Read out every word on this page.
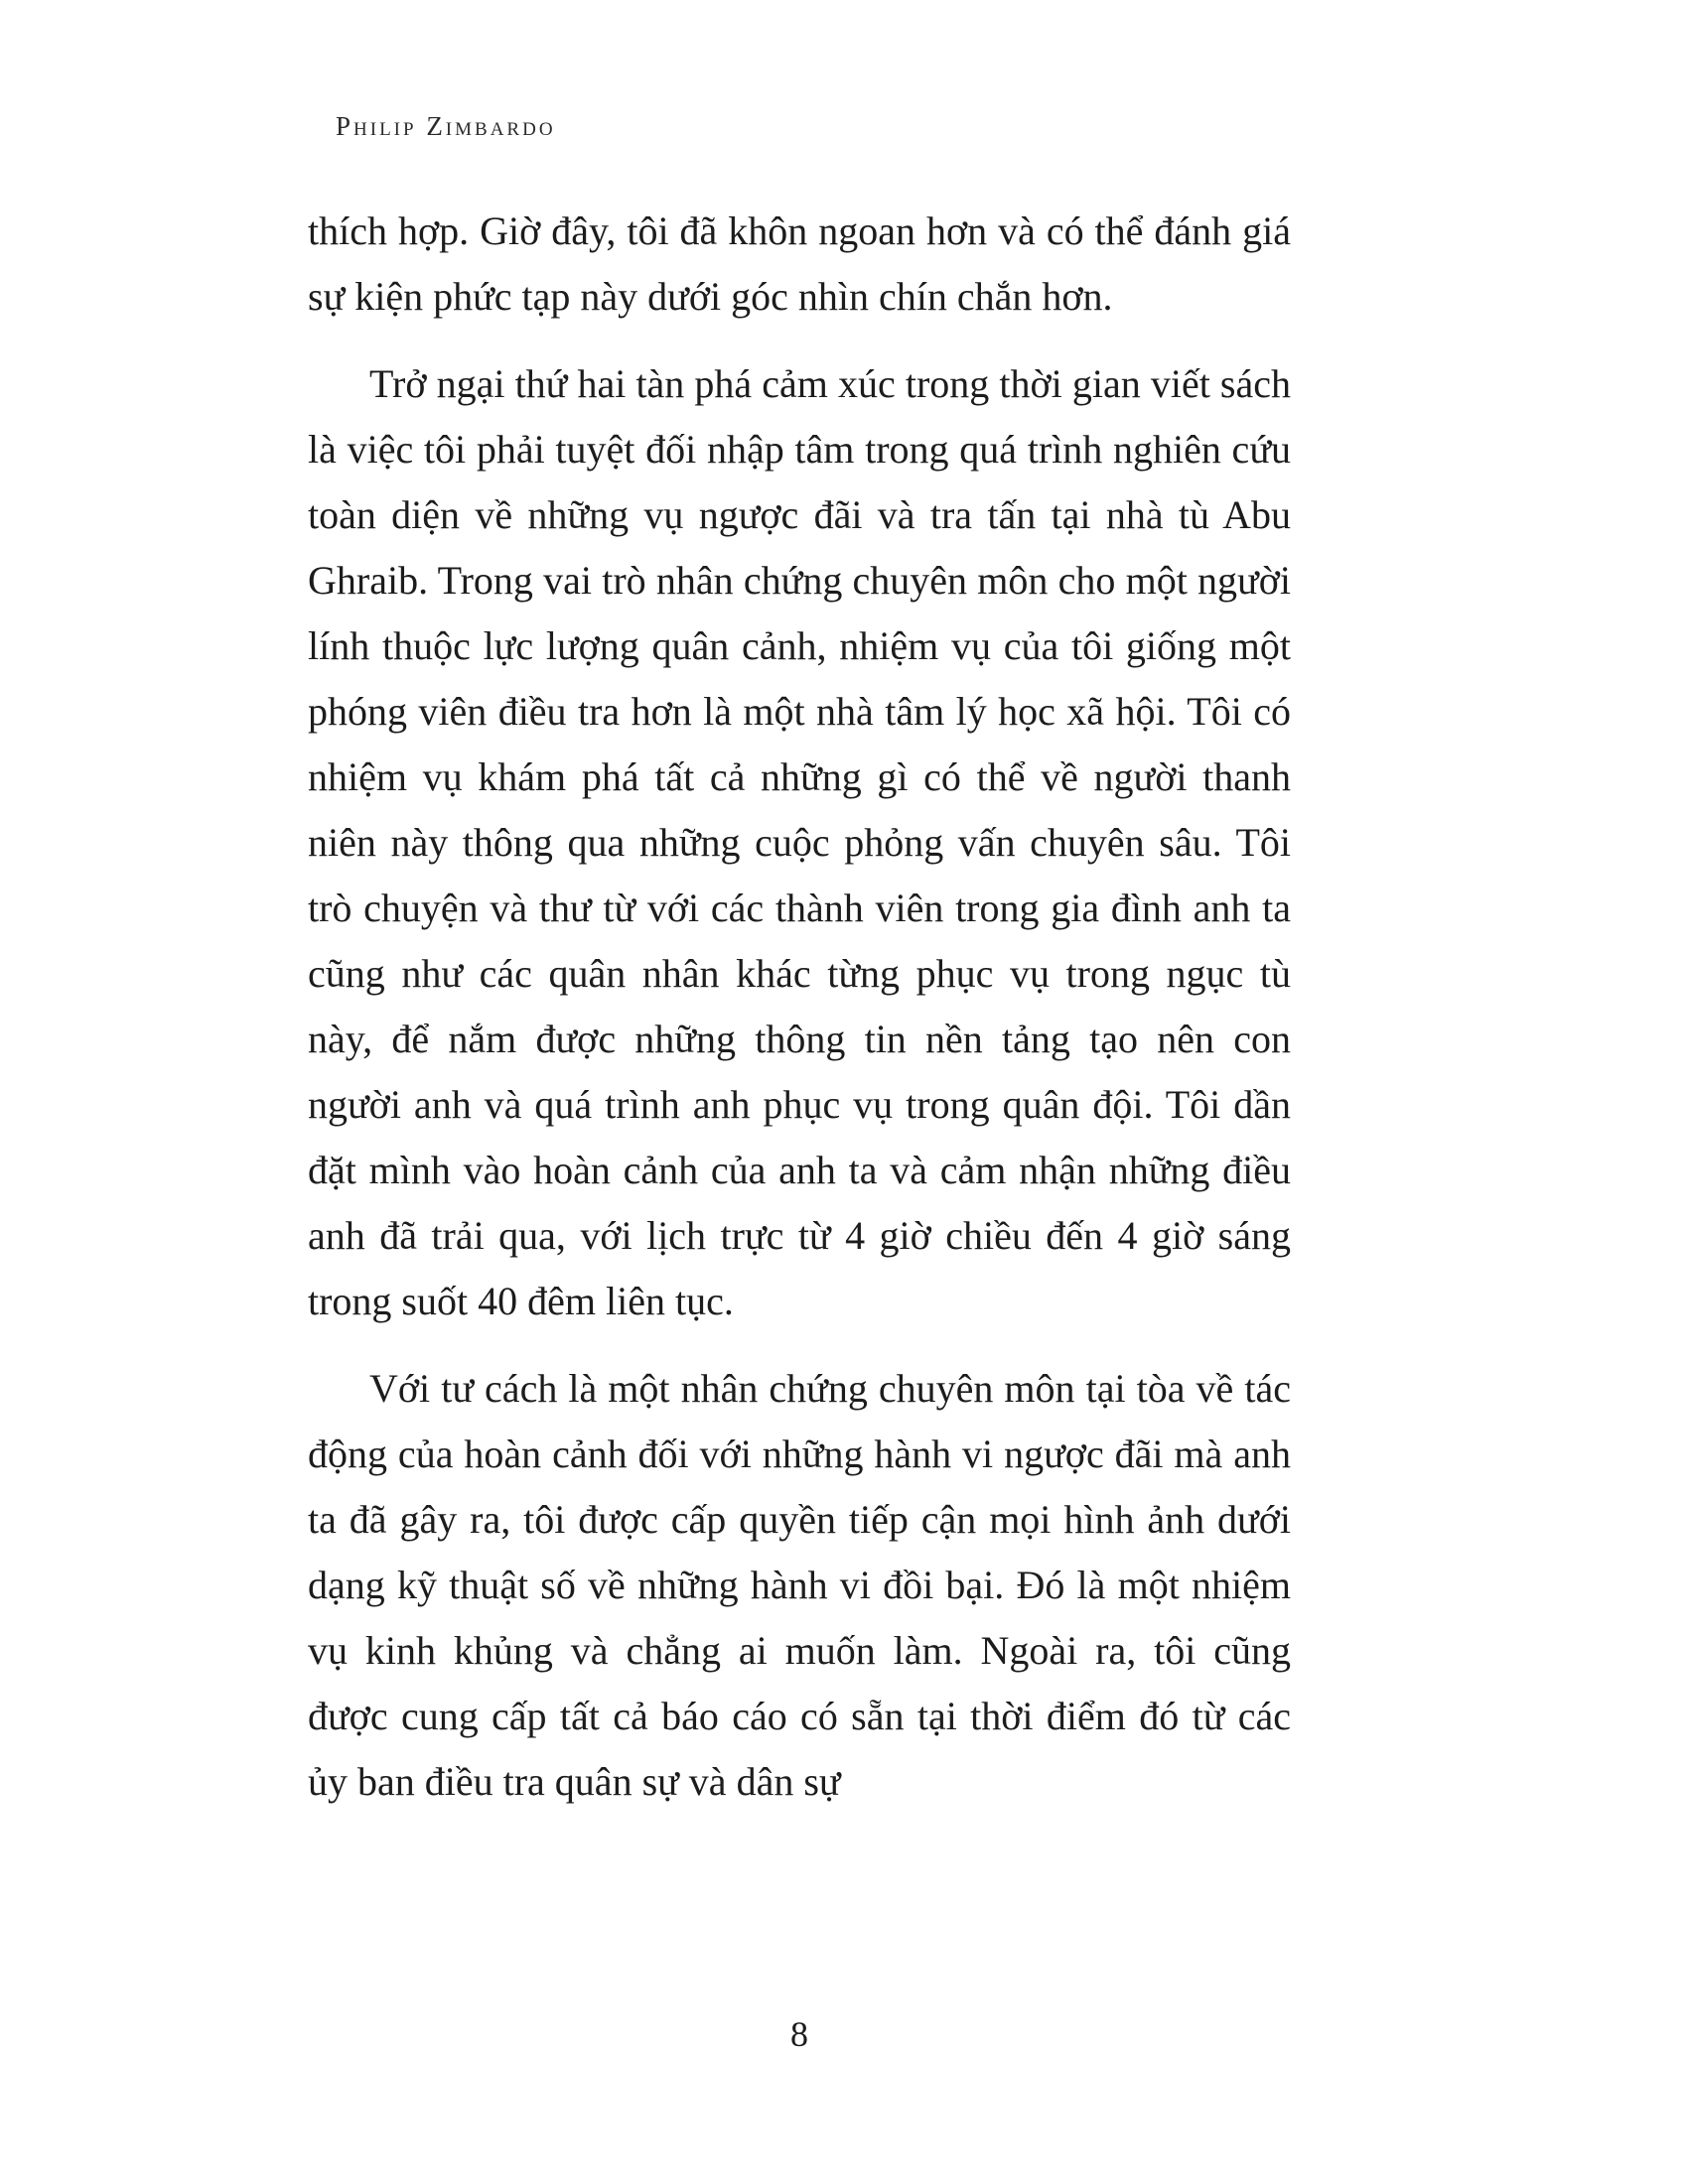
Philip Zimbardo

thích hợp. Giờ đây, tôi đã khôn ngoan hơn và có thể đánh giá sự kiện phức tạp này dưới góc nhìn chín chắn hơn.

Trở ngại thứ hai tàn phá cảm xúc trong thời gian viết sách là việc tôi phải tuyệt đối nhập tâm trong quá trình nghiên cứu toàn diện về những vụ ngược đãi và tra tấn tại nhà tù Abu Ghraib. Trong vai trò nhân chứng chuyên môn cho một người lính thuộc lực lượng quân cảnh, nhiệm vụ của tôi giống một phóng viên điều tra hơn là một nhà tâm lý học xã hội. Tôi có nhiệm vụ khám phá tất cả những gì có thể về người thanh niên này thông qua những cuộc phỏng vấn chuyên sâu. Tôi trò chuyện và thư từ với các thành viên trong gia đình anh ta cũng như các quân nhân khác từng phục vụ trong ngục tù này, để nắm được những thông tin nền tảng tạo nên con người anh và quá trình anh phục vụ trong quân đội. Tôi dần đặt mình vào hoàn cảnh của anh ta và cảm nhận những điều anh đã trải qua, với lịch trực từ 4 giờ chiều đến 4 giờ sáng trong suốt 40 đêm liên tục.

Với tư cách là một nhân chứng chuyên môn tại tòa về tác động của hoàn cảnh đối với những hành vi ngược đãi mà anh ta đã gây ra, tôi được cấp quyền tiếp cận mọi hình ảnh dưới dạng kỹ thuật số về những hành vi đồi bại. Đó là một nhiệm vụ kinh khủng và chẳng ai muốn làm. Ngoài ra, tôi cũng được cung cấp tất cả báo cáo có sẵn tại thời điểm đó từ các ủy ban điều tra quân sự và dân sự

8
